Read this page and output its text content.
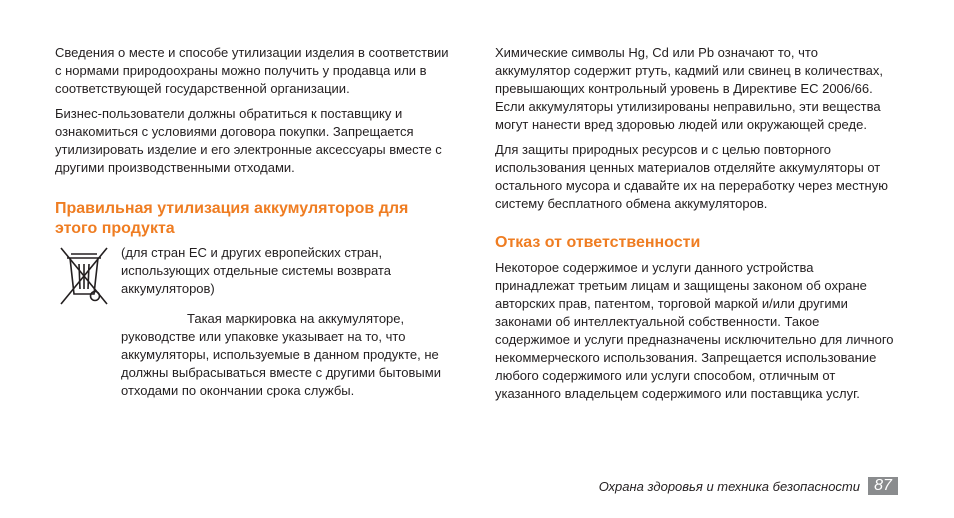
Сведения о месте и способе утилизации изделия в соответствии с нормами природоохраны можно получить у продавца или в соответствующей государственной организации.

Бизнес-пользователи должны обратиться к поставщику и ознакомиться с условиями договора покупки. Запрещается утилизировать изделие и его электронные аксессуары вместе с другими производственными отходами.

Правильная утилизация аккумуляторов для этого продукта

(для стран ЕС и других европейских стран, использующих отдельные системы возврата аккумуляторов)

Такая маркировка на аккумуляторе, руководстве или упаковке указывает на то, что аккумуляторы, используемые в данном продукте, не должны выбрасываться вместе с другими бытовыми отходами по окончании срока службы.

Химические символы Hg, Cd или Pb означают то, что аккумулятор содержит ртуть, кадмий или свинец в количествах, превышающих контрольный уровень в Директиве ЕС 2006/66. Если аккумуляторы утилизированы неправильно, эти вещества могут нанести вред здоровью людей или окружающей среде.

Для защиты природных ресурсов и с целью повторного использования ценных материалов отделяйте аккумуляторы от остального мусора и сдавайте их на переработку через местную систему бесплатного обмена аккумуляторов.

Отказ от ответственности

Некоторое содержимое и услуги данного устройства принадлежат третьим лицам и защищены законом об охране авторских прав, патентом, торговой маркой и/или другими законами об интеллектуальной собственности. Такое содержимое и услуги предназначены исключительно для личного некоммерческого использования. Запрещается использование любого содержимого или услуги способом, отличным от указанного владельцем содержимого или поставщика услуг.

Охрана здоровья и техника безопасности 87
